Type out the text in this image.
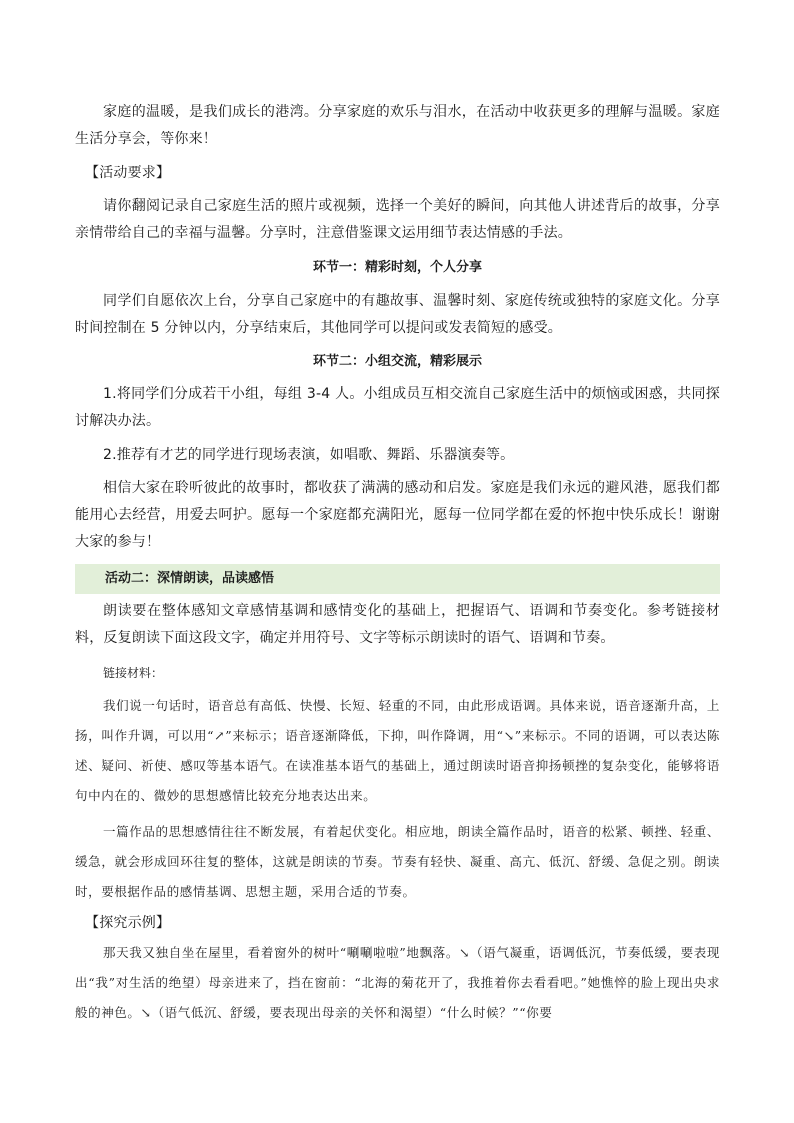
家庭的温暖，是我们成长的港湾。分享家庭的欢乐与泪水，在活动中收获更多的理解与温暖。家庭生活分享会，等你来！

【活动要求】

请你翻阅记录自己家庭生活的照片或视频，选择一个美好的瞬间，向其他人讲述背后的故事，分享亲情带给自己的幸福与温馨。分享时，注意借鉴课文运用细节表达情感的手法。

环节一：精彩时刻，个人分享

同学们自愿依次上台，分享自己家庭中的有趣故事、温馨时刻、家庭传统或独特的家庭文化。分享时间控制在 5 分钟以内，分享结束后，其他同学可以提问或发表简短的感受。

环节二：小组交流，精彩展示

1.将同学们分成若干小组，每组 3-4 人。小组成员互相交流自己家庭生活中的烦恼或困惑，共同探讨解决办法。

2.推荐有才艺的同学进行现场表演，如唱歌、舞蹈、乐器演奏等。

相信大家在聆听彼此的故事时，都收获了满满的感动和启发。家庭是我们永远的避风港，愿我们都能用心去经营，用爱去呵护。愿每一个家庭都充满阳光，愿每一位同学都在爱的怀抱中快乐成长！谢谢大家的参与！

活动二：深情朗读，品读感悟

朗读要在整体感知文章感情基调和感情变化的基础上，把握语气、语调和节奏变化。参考链接材料，反复朗读下面这段文字，确定并用符号、文字等标示朗读时的语气、语调和节奏。

链接材料：

我们说一句话时，语音总有高低、快慢、长短、轻重的不同，由此形成语调。具体来说，语音逐渐升高，上扬，叫作升调，可以用“↗”来标示；语音逐渐降低，下抑，叫作降调，用“↘”来标示。不同的语调，可以表达陈述、疑问、祈使、感叹等基本语气。在读准基本语气的基础上，通过朗读时语音抑扬顿挫的复杂变化，能够将语句中内在的、微妙的思想感情比较充分地表达出来。

一篇作品的思想感情往往不断发展，有着起伏变化。相应地，朗读全篇作品时，语音的松紧、顿挫、轻重、缓急，就会形成回环往复的整体，这就是朗读的节奏。节奏有轻快、凝重、高亢、低沉、舒缓、急促之别。朗读时，要根据作品的感情基调、思想主题，采用合适的节奏。

【探究示例】

那天我又独自坐在屋里，看着窗外的树叶“唰唰啦啦”地飘落。↘（语气凝重，语调低沉，节奏低缓，要表现出“我”对生活的绝望）母亲进来了，挡在窗前：“北海的菊花开了，我推着你去看看吧。”她憔悴的脸上现出央求般的神色。↘（语气低沉、舒缓，要表现出母亲的关怀和渴望）“什么时候？”“你要
